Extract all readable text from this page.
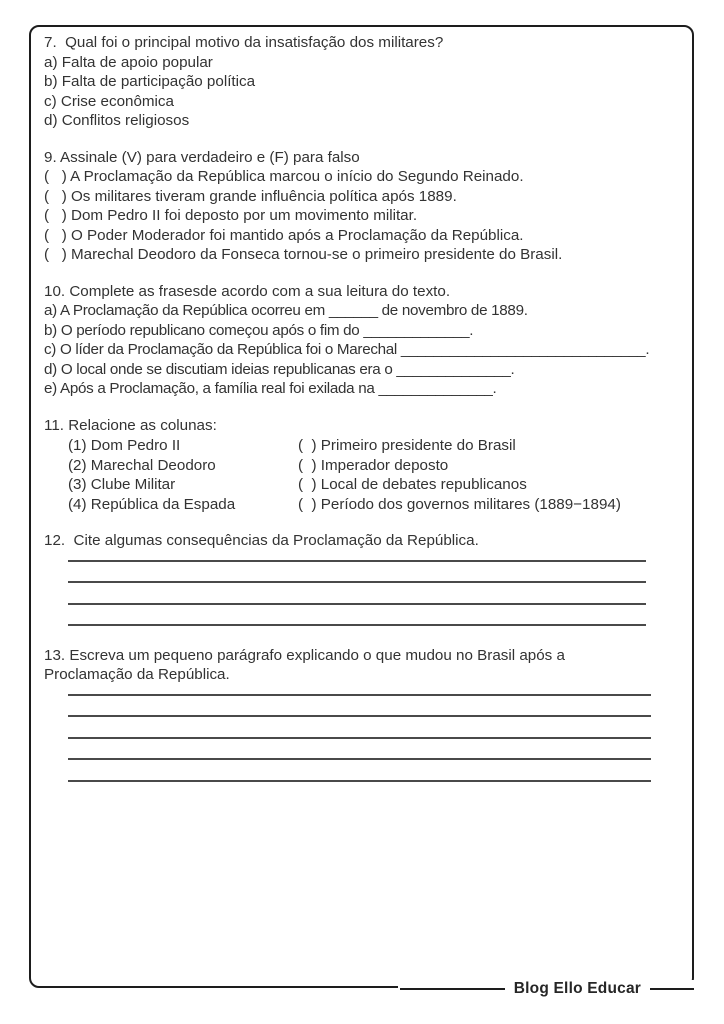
7.  Qual foi o principal motivo da insatisfação dos militares?
a) Falta de apoio popular
b) Falta de participação política
c) Crise econômica
d) Conflitos religiosos
9. Assinale (V) para verdadeiro e (F) para falso
(   ) A Proclamação da República marcou o início do Segundo Reinado.
(   ) Os militares tiveram grande influência política após 1889.
(   ) Dom Pedro II foi deposto por um movimento militar.
(   ) O Poder Moderador foi mantido após a Proclamação da República.
(   ) Marechal Deodoro da Fonseca tornou-se o primeiro presidente do Brasil.
10. Complete as frasesde acordo com a sua leitura do texto.
a) A Proclamação da República ocorreu em ______ de novembro de 1889.
b) O período republicano começou após o fim do _____________.
c) O líder da Proclamação da República foi o Marechal ______________________________.
d) O local onde se discutiam ideias republicanas era o ______________.
e) Após a Proclamação, a família real foi exilada na ______________.
11. Relacione as colunas:
(1) Dom Pedro II	(  ) Primeiro presidente do Brasil
(2) Marechal Deodoro	(  ) Imperador deposto
(3) Clube Militar	(  ) Local de debates republicanos
(4) República da Espada	(  ) Período dos governos militares (1889−1894)
12.  Cite algumas consequências da Proclamação da República.
13. Escreva um pequeno parágrafo explicando o que mudou no Brasil após a
Proclamação da República.
Blog Ello Educar
